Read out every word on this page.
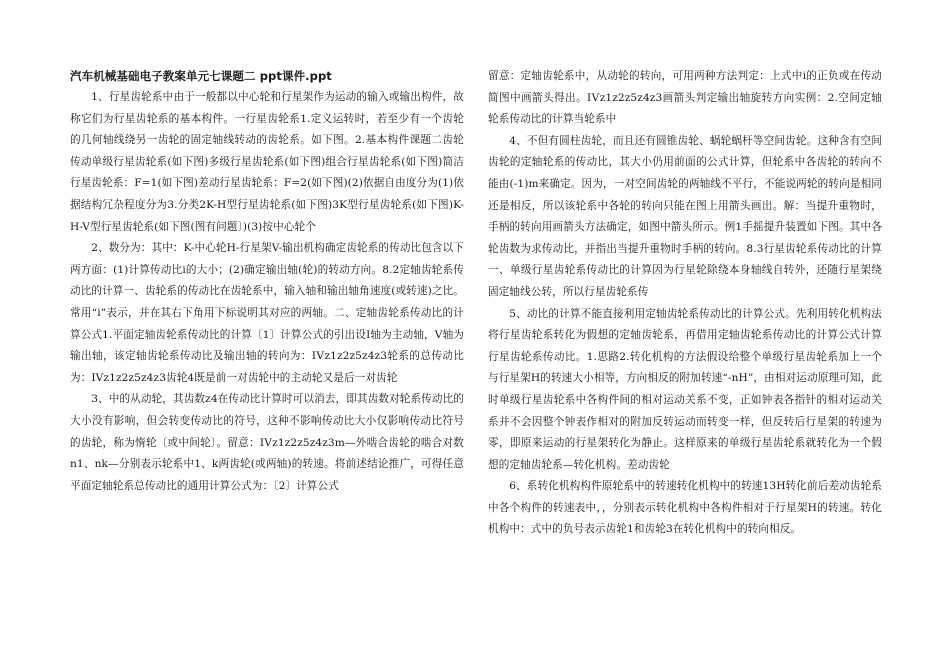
汽车机械基础电子教案单元七课题二 ppt课件.ppt

1、行星齿轮系中由于一般都以中心轮和行星架作为运动的输入或输出构件，故称它们为行星齿轮系的基本构件。一行星齿轮系1.定义运转时，若至少有一个齿轮的几何轴线绕另一齿轮的固定轴线转动的齿轮系。如下图。2.基本构件课题二齿轮传动单级行星齿轮系(如下图)多级行星齿轮系(如下图)组合行星齿轮系(如下图)简洁行星齿轮系：F=1(如下图)差动行星齿轮系：F=2(如下图)(2)依据自由度分为(1)依据结构冗杂程度分为3.分类2K-H型行星齿轮系(如下图)3K型行星齿轮系(如下图)K-H-V型行星齿轮系(如下图(图有问题〕)(3)按中心轮个

2、数分为：其中：K-中心轮H-行星架V-输出机构确定齿轮系的传动比包含以下两方面：(1)计算传动比i的大小；(2)确定输出轴(轮)的转动方向。8.2定轴齿轮系传动比的计算一、齿轮系的传动比在齿轮系中，输入轴和输出轴角速度(或转速)之比。常用“i”表示，并在其右下角用下标说明其对应的两轴。二、定轴齿轮系传动比的计算公式1.平面定轴齿轮系传动比的计算〔1〕计算公式的引出设Ⅰ轴为主动轴，Ⅴ轴为输出轴，该定轴齿轮系传动比及输出轴的转向为：ⅠⅤz1z2z5z4z3轮系的总传动比为：ⅠⅤz1z2z5z4z3齿轮4既是前一对齿轮中的主动轮又是后一对齿轮

3、中的从动轮，其齿数z4在传动比计算时可以消去，即其齿数对轮系传动比的大小没有影响，但会转变传动比的符号，这种不影响传动比大小仅影响传动比符号的齿轮，称为惰轮〔或中间轮〕。留意：ⅠⅤz1z2z5z4z3m—外啮合齿轮的啮合对数n1、nk—分别表示轮系中1、k两齿轮(或两轴)的转速。将前述结论推广，可得任意平面定轴轮系总传动比的通用计算公式为：〔2〕计算公式

留意：定轴齿轮系中，从动轮的转向，可用两种方法判定：上式中i的正负或在传动简图中画箭头得出。ⅠⅤz1z2z5z4z3画箭头判定输出轴旋转方向实例：2.空间定轴轮系传动比的计算当轮系中

4、不但有圆柱齿轮，而且还有圆锥齿轮、蜗轮蜗杆等空间齿轮。这种含有空间齿轮的定轴轮系的传动比，其大小仍用前面的公式计算，但轮系中各齿轮的转向不能由(-1)m来确定。因为，一对空间齿轮的两轴线不平行，不能说两轮的转向是相同还是相反，所以该轮系中各轮的转向只能在图上用箭头画出。解：当提升重物时，手柄的转向用画箭头方法确定，如图中箭头所示。例1手摇提升装置如下图。其中各轮齿数为求传动比，并指出当提升重物时手柄的转向。8.3行星齿轮系传动比的计算一、单级行星齿轮系传动比的计算因为行星轮除绕本身轴线自转外，还随行星架绕固定轴线公转，所以行星齿轮系传

5、动比的计算不能直接利用定轴齿轮系传动比的计算公式。先利用转化机构法将行星齿轮系转化为假想的定轴齿轮系，再借用定轴齿轮系传动比的计算公式计算行星齿轮系传动比。1.思路2.转化机构的方法假设给整个单级行星齿轮系加上一个与行星架H的转速大小相等，方向相反的附加转速“-nH”，由相对运动原理可知，此时单级行星齿轮系中各构件间的相对运动关系不变，正如钟表各指针的相对运动关系并不会因整个钟表作相对的附加反转运动而转变一样，但反转后行星架的转速为零，即原来运动的行星架转化为静止。这样原来的单级行星齿轮系就转化为一个假想的定轴齿轮系—转化机构。差动齿轮

6、系转化机构构件原轮系中的转速转化机构中的转速13H转化前后差动齿轮系中各个构件的转速表中，，分别表示转化机构中各构件相对于行星架H的转速。转化机构中：式中的负号表示齿轮1和齿轮3在转化机构中的转向相反。
